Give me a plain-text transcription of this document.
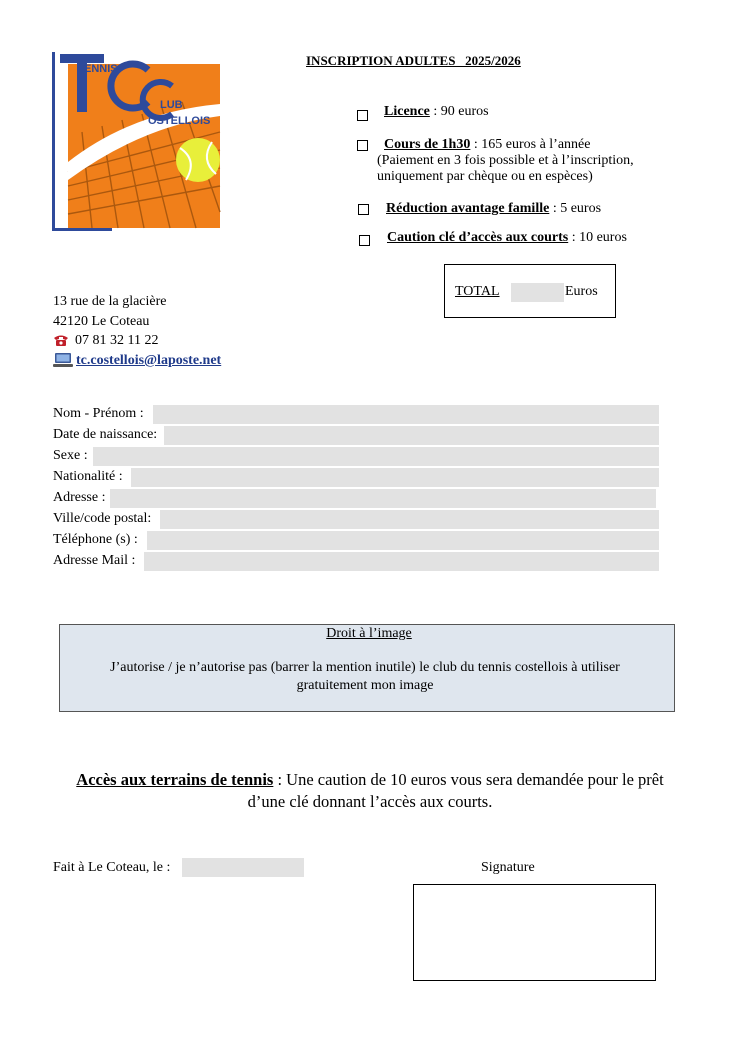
ENNIS
LUB
OSTELLOIS
INSCRIPTION ADULTES   2025/2026
Licence : 90 euros
Cours de 1h30 : 165 euros à l’année
(Paiement en 3 fois possible et à l’inscription,
uniquement par chèque ou en espèces)
Réduction avantage famille : 5 euros
Caution clé d’accès aux courts : 10 euros
TOTAL	Euros
13 rue de la glacière
42120 Le Coteau
07 81 32 11 22
tc.costellois@laposte.net
Nom - Prénom :
Date de naissance:
Sexe :
Nationalité :
Adresse :
Ville/code postal:
Téléphone (s) :
Adresse Mail :
Droit à l’image
J’autorise / je n’autorise pas (barrer la mention inutile) le club du tennis costellois à utiliser gratuitement mon image
Accès aux terrains de tennis : Une caution de 10 euros vous sera demandée pour le prêt d’une clé donnant l’accès aux courts.
Fait à Le Coteau, le :	Signature
